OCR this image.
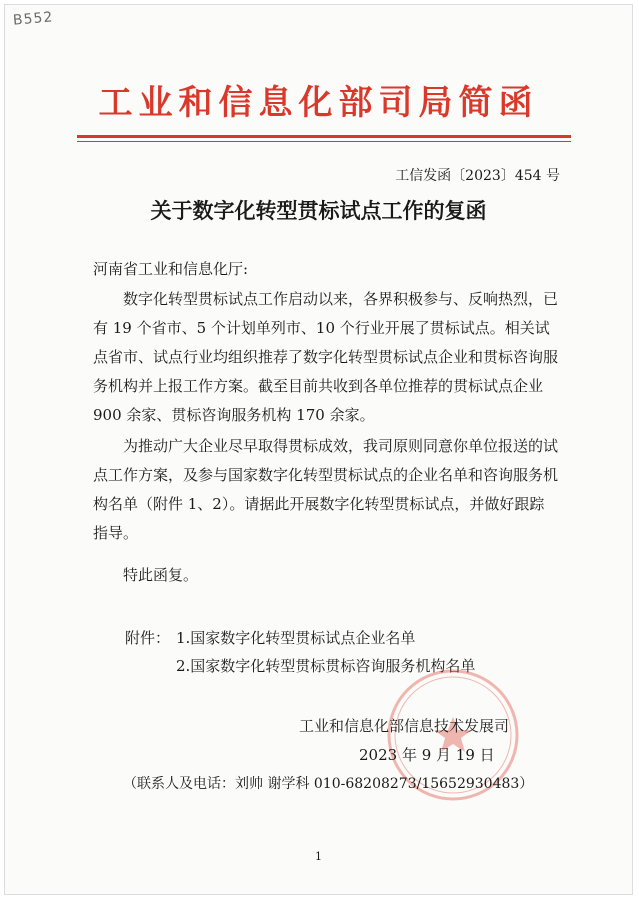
B552
工业和信息化部司局简函
工信发函〔2023〕454 号
关于数字化转型贯标试点工作的复函

河南省工业和信息化厅:

数字化转型贯标试点工作启动以来，各界积极参与、反响热烈，已有 19 个省市、5 个计划单列市、10 个行业开展了贯标试点。相关试点省市、试点行业均组织推荐了数字化转型贯标试点企业和贯标咨询服务机构并上报工作方案。截至目前共收到各单位推荐的贯标试点企业 900 余家、贯标咨询服务机构 170 余家。

为推动广大企业尽早取得贯标成效，我司原则同意你单位报送的试点工作方案，及参与国家数字化转型贯标试点的企业名单和咨询服务机构名单（附件 1、2）。请据此开展数字化转型贯标试点，并做好跟踪指导。

特此函复。

附件： 1.国家数字化转型贯标试点企业名单
2.国家数字化转型贯标贯标咨询服务机构名单
工业和信息化部信息技术发展司
2023 年 9 月 19 日
（联系人及电话：刘帅 谢学科 010-68208273/15652930483）
1
